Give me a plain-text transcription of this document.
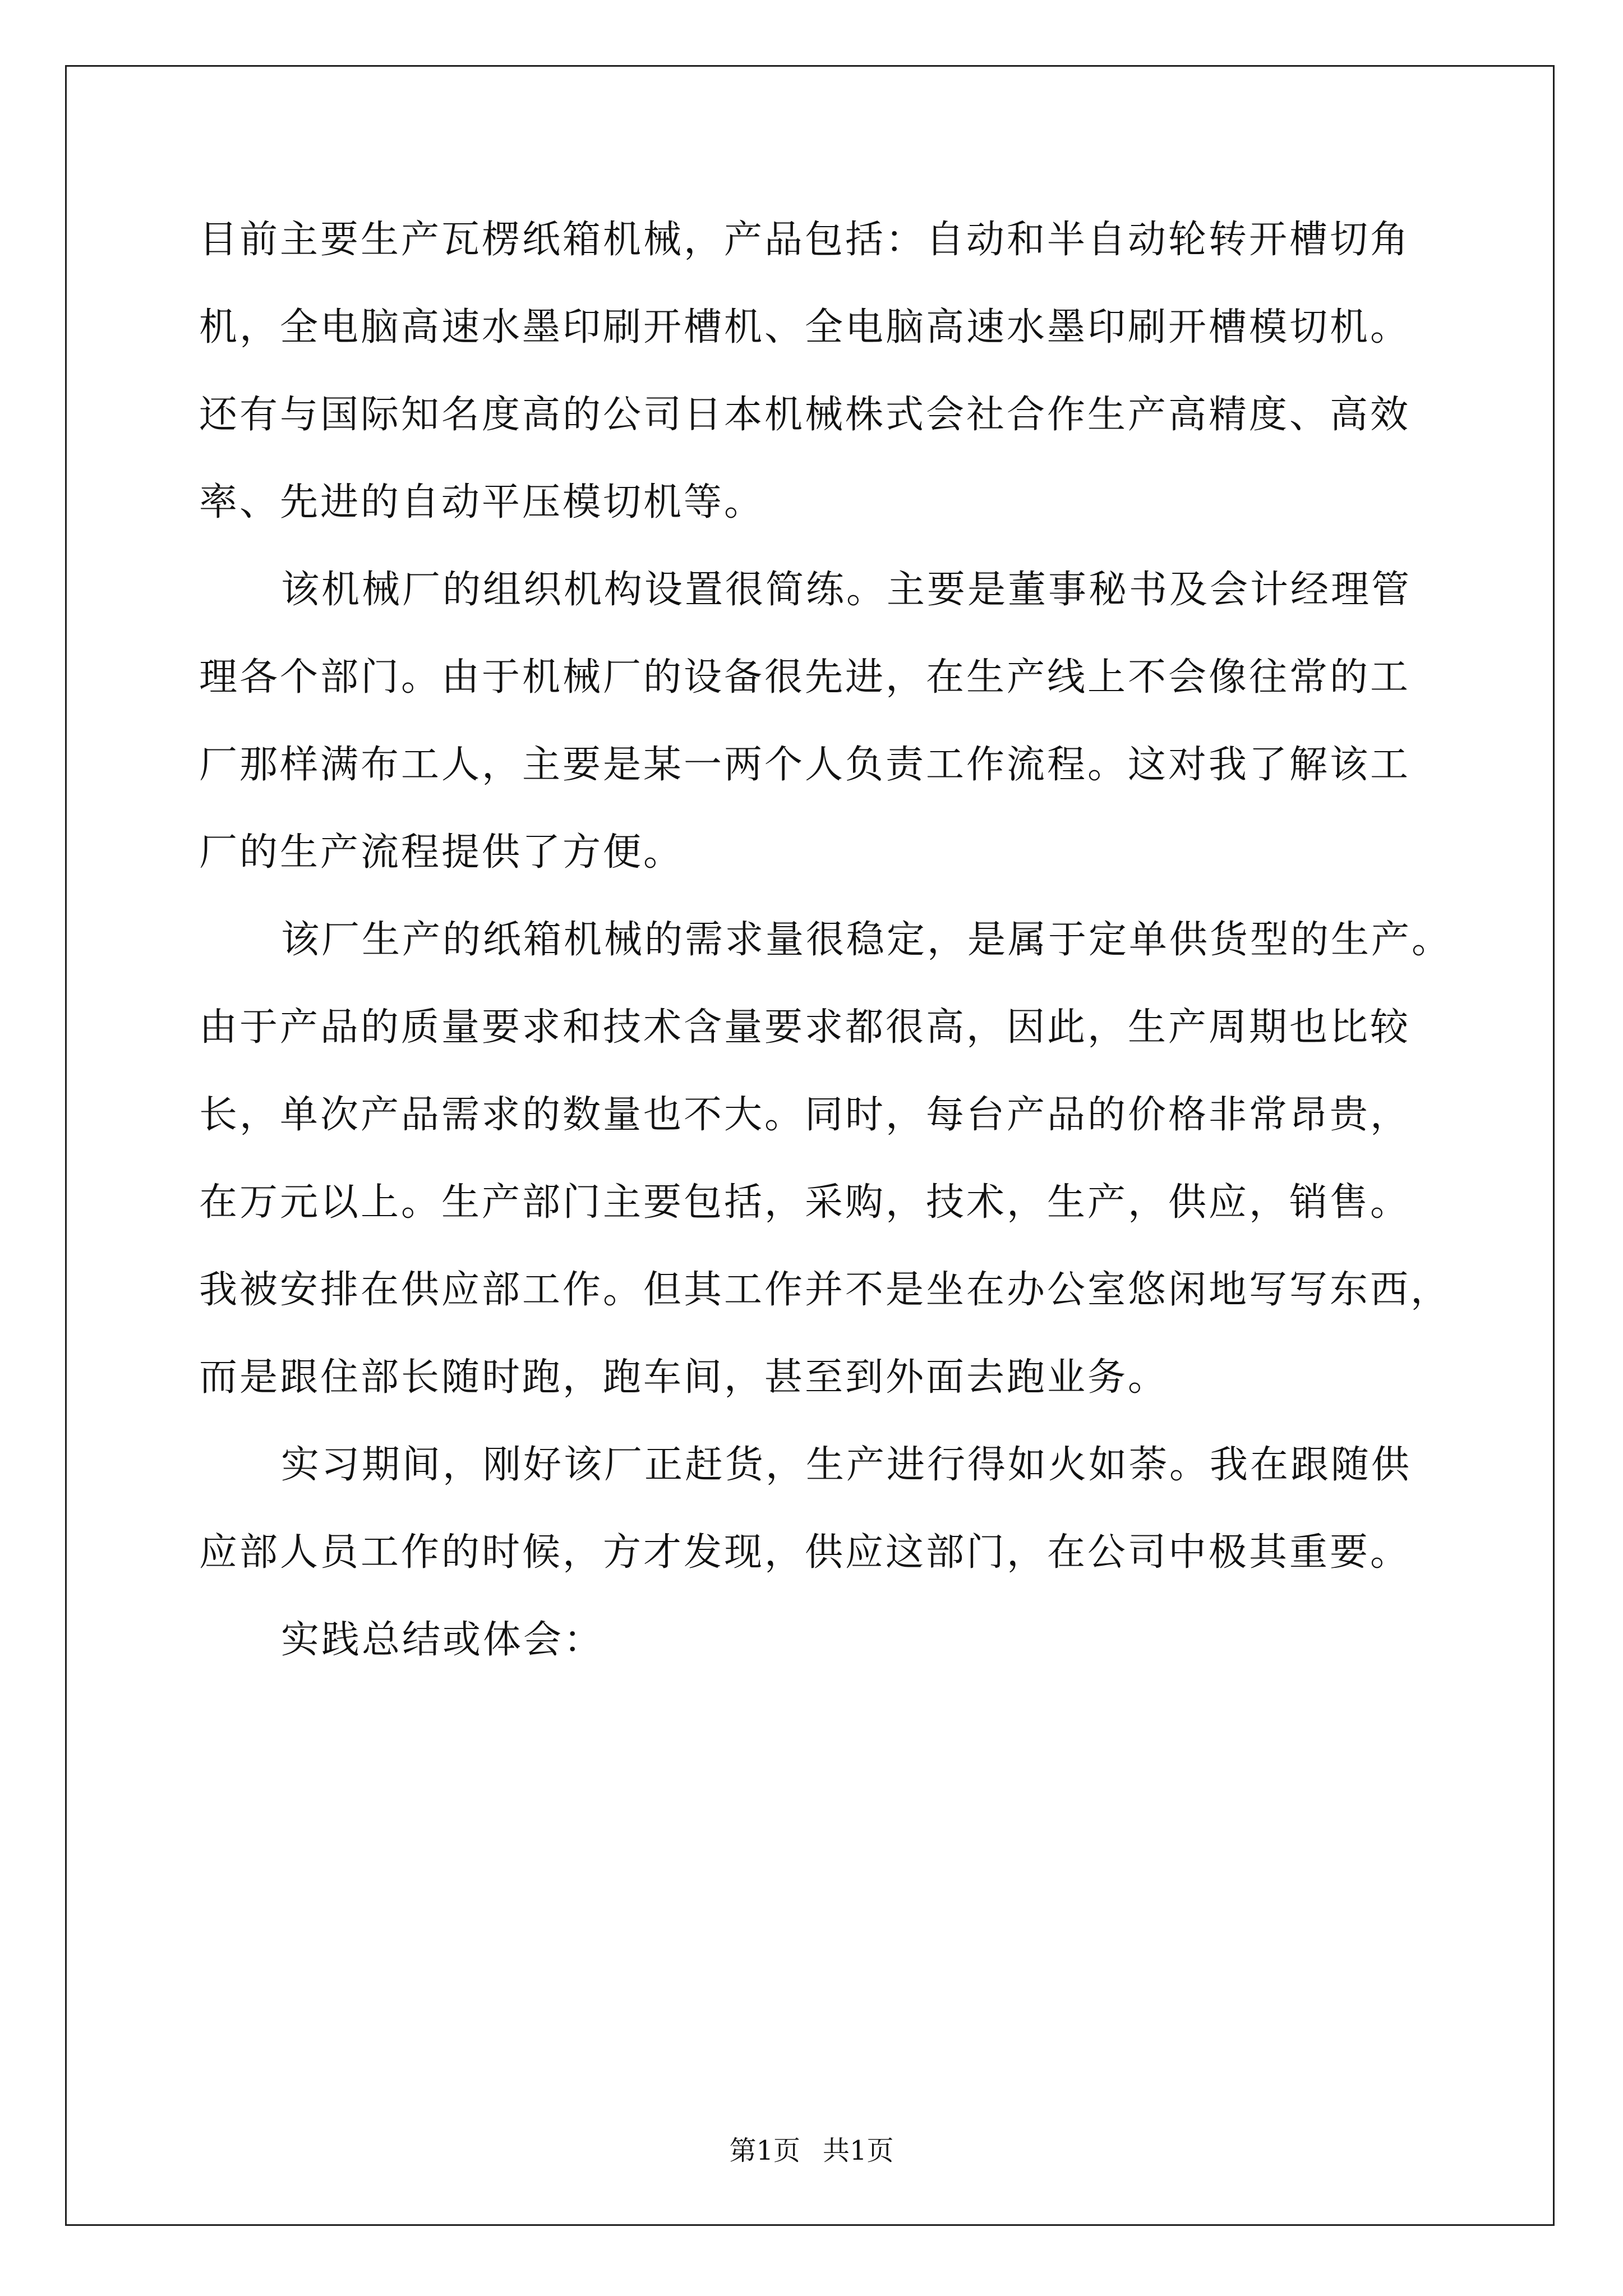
目前主要生产瓦楞纸箱机械，产品包括：自动和半自动轮转开槽切角
机，全电脑高速水墨印刷开槽机、全电脑高速水墨印刷开槽模切机。
还有与国际知名度高的公司日本机械株式会社合作生产高精度、高效
率、先进的自动平压模切机等。
该机械厂的组织机构设置很简练。主要是董事秘书及会计经理管
理各个部门。由于机械厂的设备很先进，在生产线上不会像往常的工
厂那样满布工人，主要是某一两个人负责工作流程。这对我了解该工
厂的生产流程提供了方便。
该厂生产的纸箱机械的需求量很稳定，是属于定单供货型的生产。
由于产品的质量要求和技术含量要求都很高，因此，生产周期也比较
长，单次产品需求的数量也不大。同时，每台产品的价格非常昂贵，
在万元以上。生产部门主要包括，采购，技术，生产，供应，销售。
我被安排在供应部工作。但其工作并不是坐在办公室悠闲地写写东西，
而是跟住部长随时跑，跑车间，甚至到外面去跑业务。
实习期间，刚好该厂正赶货，生产进行得如火如荼。我在跟随供
应部人员工作的时候，方才发现，供应这部门，在公司中极其重要。
实践总结或体会：
第1页 共1页
